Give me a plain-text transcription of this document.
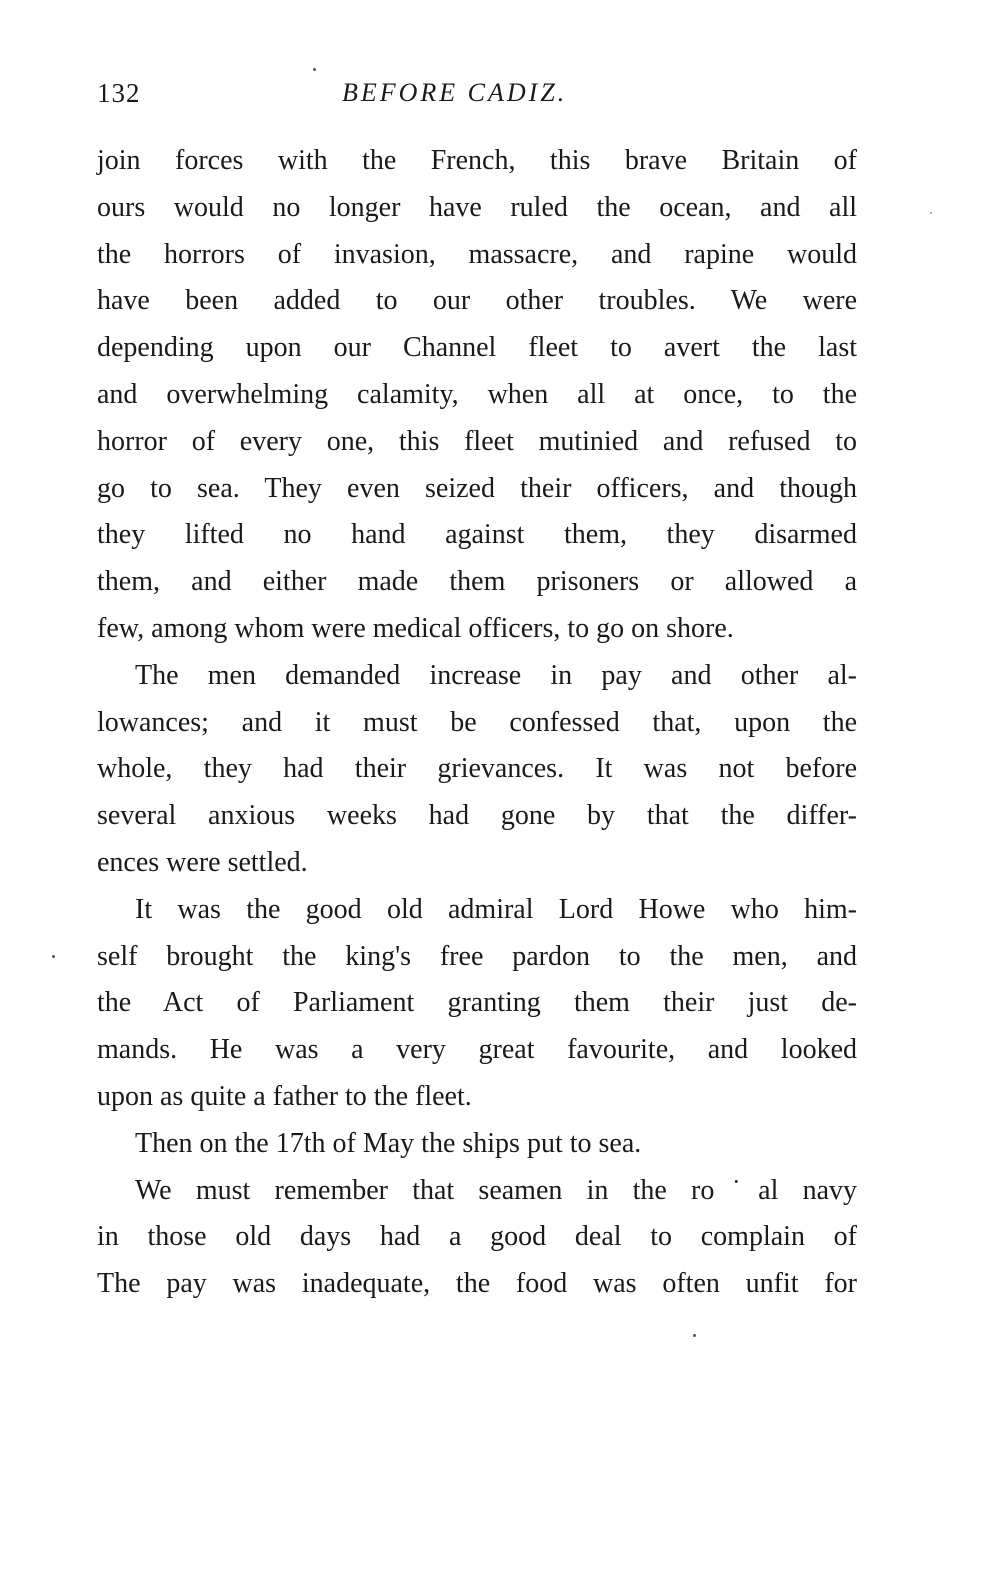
132	BEFORE CADIZ.
join forces with the French, this brave Britain of
ours would no longer have ruled the ocean, and all
the horrors of invasion, massacre, and rapine would
have been added to our other troubles. We were
depending upon our Channel fleet to avert the last
and overwhelming calamity, when all at once, to the
horror of every one, this fleet mutinied and refused to
go to sea. They even seized their officers, and though
they lifted no hand against them, they disarmed
them, and either made them prisoners or allowed a
few, among whom were medical officers, to go on shore.
The men demanded increase in pay and other al-
lowances; and it must be confessed that, upon the
whole, they had their grievances. It was not before
several anxious weeks had gone by that the differ-
ences were settled.
It was the good old admiral Lord Howe who him-
self brought the king's free pardon to the men, and
the Act of Parliament granting them their just de-
mands. He was a very great favourite, and looked
upon as quite a father to the fleet.
Then on the 17th of May the ships put to sea.
We must remember that seamen in the ro˙al navy
in those old days had a good deal to complain of
The pay was inadequate, the food was often unfit for
